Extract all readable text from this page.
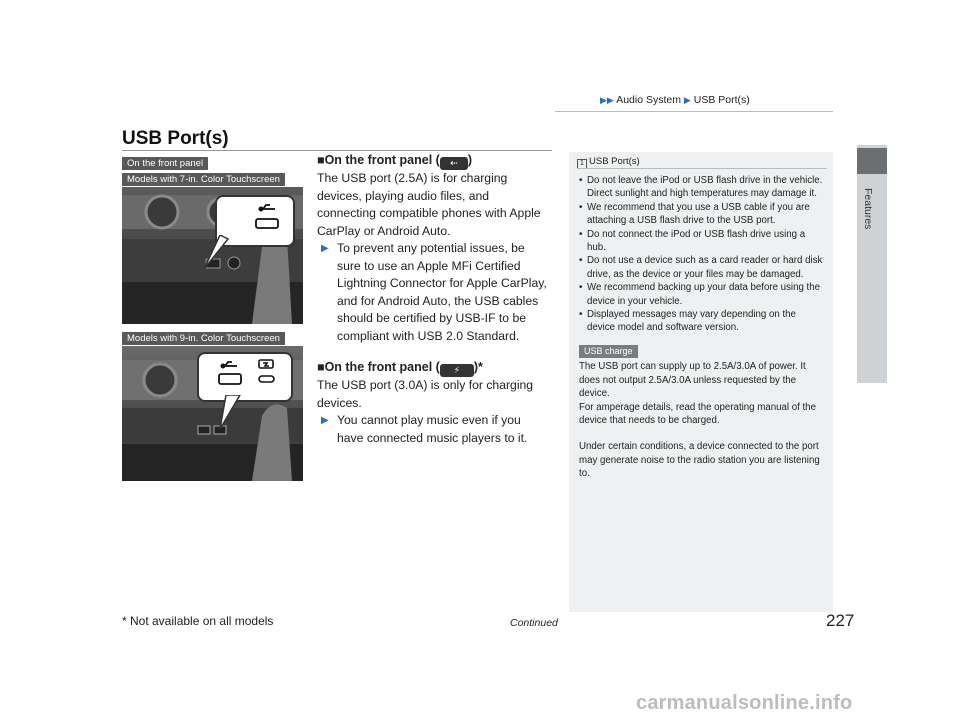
▶▶ Audio System ▶ USB Port(s)
Features
USB Port(s)
On the front panel
Models with 7-in. Color Touchscreen
Models with 9-in. Color Touchscreen

■On the front panel ( ⇠ )

The USB port (2.5A) is for charging devices, playing audio files, and connecting compatible phones with Apple CarPlay or Android Auto.

▶ To prevent any potential issues, be sure to use an Apple MFi Certified Lightning Connector for Apple CarPlay, and for Android Auto, the USB cables should be certified by USB-IF to be compliant with USB 2.0 Standard.

■On the front panel ( ⚡ )*

The USB port (3.0A) is only for charging devices.

▶ You cannot play music even if you have connected music players to it.

1 USB Port(s)
• Do not leave the iPod or USB flash drive in the vehicle. Direct sunlight and high temperatures may damage it.
• We recommend that you use a USB cable if you are attaching a USB flash drive to the USB port.
• Do not connect the iPod or USB flash drive using a hub.
• Do not use a device such as a card reader or hard disk drive, as the device or your files may be damaged.
• We recommend backing up your data before using the device in your vehicle.
• Displayed messages may vary depending on the device model and software version.
USB charge

The USB port can supply up to 2.5A/3.0A of power. It does not output 2.5A/3.0A unless requested by the device.

For amperage details, read the operating manual of the device that needs to be charged.

Under certain conditions, a device connected to the port may generate noise to the radio station you are listening to.

* Not available on all models	Continued	227
carmanualsonline.info
